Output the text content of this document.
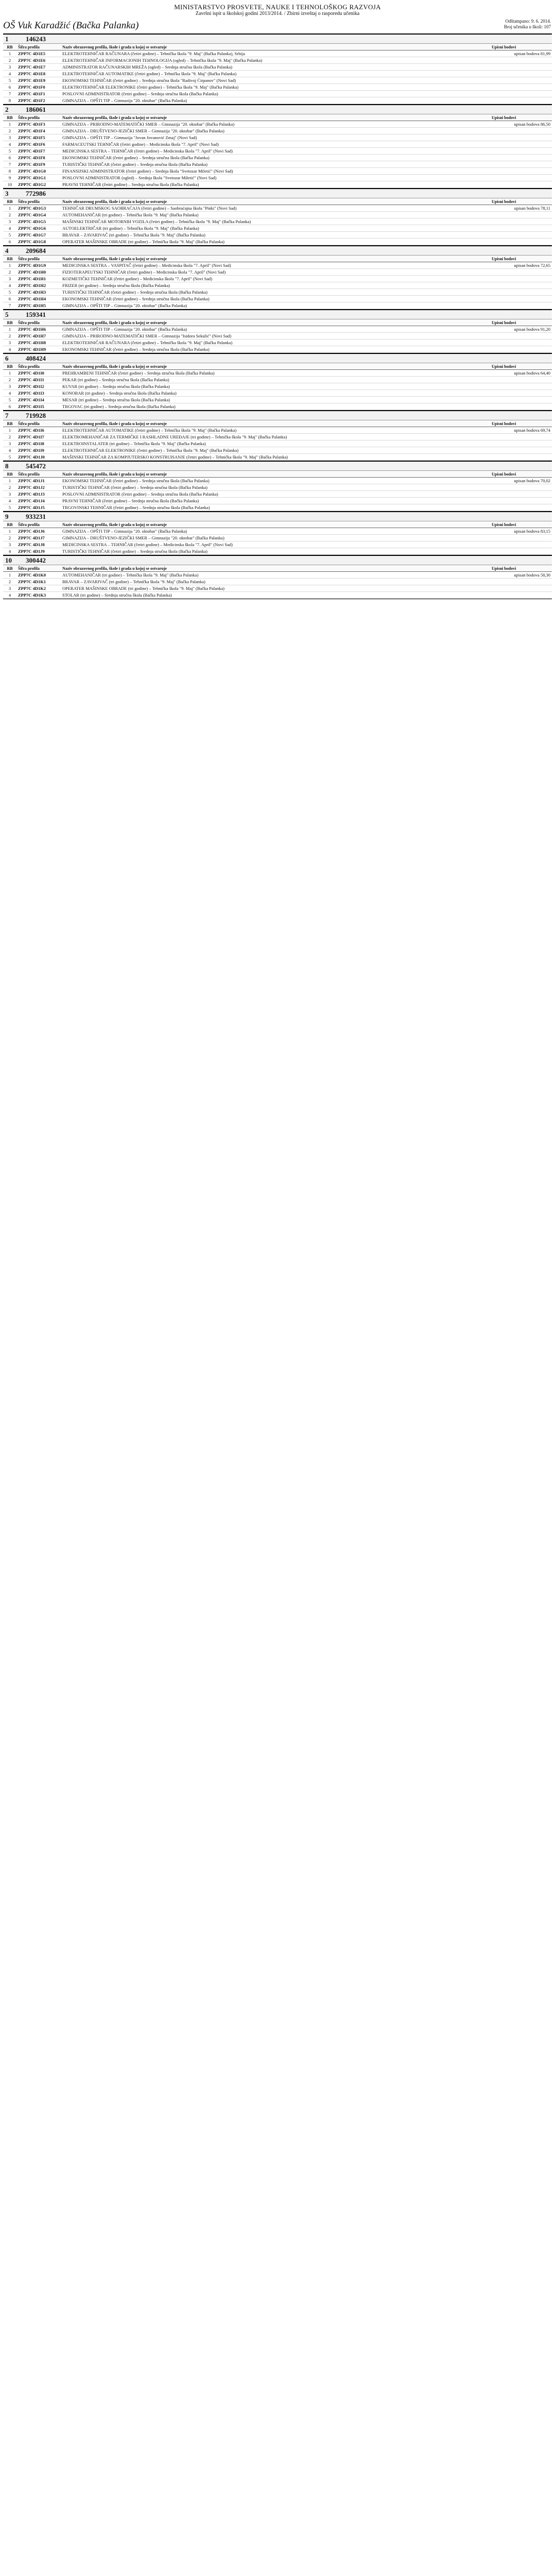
MINISTARSTVO PROSVETE, NAUKE I TEHNOLOŠKOG RAZVOJA
Završni ispit u školskoj godini 2013/2014. / Zbirni izveštaj o rasporedu učenika
OŠ Vuk Karadžić (Bačka Palanka)	Odštampano: 9. 6. 2014.
Broj učenika u školi: 107
1	146243
RB	Šifra profila	Naziv obrazovnog profila, škole i grada u kojoj se ostvaruje	Upisni bodovi
1	ZPP7C 4D1E5	ELEKTROTEHNIČAR RAČUNARA (četiri godine) – Tehnička škola "9. Maj" (Bačka Palanka), Srbija	upisan bodova 81,99
2	ZPP7C 4D1E6	ELEKTROTEHNIČAR INFORMACIONIH TEHNOLOGIJA (ogled) – Tehnička škola "9. Maj" (Bačka Palanka)	
3	ZPP7C 4D1E7	ADMINISTRATOR RAČUNARSKIH MREŽA (ogled) – Srednja stručna škola (Bačka Palanka)	
4	ZPP7C 4D1E8	ELEKTROTEHNIČAR AUTOMATIKE (četiri godine) – Tehnička škola "9. Maj" (Bačka Palanka)	
5	ZPP7C 4D1E9	EKONOMSKI TEHNIČAR (četiri godine) – Srednja stručna škola "Radivoj Ćirpanov" (Novi Sad)	
6	ZPP7C 4D1F0	ELEKTROTEHNIČAR ELEKTRONIKE (četiri godine) – Tehnička škola "9. Maj" (Bačka Palanka)	
7	ZPP7C 4D1F1	POSLOVNI ADMINISTRATOR (četiri godine) – Srednja stručna škola (Bačka Palanka)	
8	ZPP7C 4D1F2	GIMNAZIJA – OPŠTI TIP – Gimnazija "20. oktobar" (Bačka Palanka)	
2	186061
RB	Šifra profila	Naziv obrazovnog profila, škole i grada u kojoj se ostvaruje	Upisni bodovi
1	ZPP7C 4D1F3	GIMNAZIJA – PRIRODNO-MATEMATIČKI SMER – Gimnazija "20. oktobar" (Bačka Palanka)	upisan bodova 86,50
2	ZPP7C 4D1F4	GIMNAZIJA – DRUŠTVENO-JEZIČKI SMER – Gimnazija "20. oktobar" (Bačka Palanka)	
3	ZPP7C 4D1F5	GIMNAZIJA – OPŠTI TIP – Gimnazija "Jovan Jovanović Zmaj" (Novi Sad)	
4	ZPP7C 4D1F6	FARMACEUTSKI TEHNIČAR (četiri godine) – Medicinska škola "7. April" (Novi Sad)	
5	ZPP7C 4D1F7	MEDICINSKA SESTRA – TEHNIČAR (četiri godine) – Medicinska škola "7. April" (Novi Sad)	
6	ZPP7C 4D1F8	EKONOMSKI TEHNIČAR (četiri godine) – Srednja stručna škola (Bačka Palanka)	
7	ZPP7C 4D1F9	TURISTIČKI TEHNIČAR (četiri godine) – Srednja stručna škola (Bačka Palanka)	
8	ZPP7C 4D1G0	FINANSIJSKI ADMINISTRATOR (četiri godine) – Srednja škola "Svetozar Miletić" (Novi Sad)	
9	ZPP7C 4D1G1	POSLOVNI ADMINISTRATOR (ogled) – Srednja škola "Svetozar Miletić" (Novi Sad)	
10	ZPP7C 4D1G2	PRAVNI TEHNIČAR (četiri godine) – Srednja stručna škola (Bačka Palanka)	
3	772986
RB	Šifra profila	Naziv obrazovnog profila, škole i grada u kojoj se ostvaruje	Upisni bodovi
1	ZPP7C 4D1G3	TEHNIČAR DRUMSKOG SAOBRAĆAJA (četiri godine) – Saobraćajna škola "Pinki" (Novi Sad)	upisan bodova 78,11
2	ZPP7C 4D1G4	AUTOMEHANIČAR (tri godine) – Tehnička škola "9. Maj" (Bačka Palanka)	
3	ZPP7C 4D1G5	MAŠINSKI TEHNIČAR MOTORNIH VOZILA (četiri godine) – Tehnička škola "9. Maj" (Bačka Palanka)	
4	ZPP7C 4D1G6	AUTOELEKTRIČAR (tri godine) – Tehnička škola "9. Maj" (Bačka Palanka)	
5	ZPP7C 4D1G7	BRAVAR – ZAVARIVAČ (tri godine) – Tehnička škola "9. Maj" (Bačka Palanka)	
6	ZPP7C 4D1G8	OPERATER MAŠINSKE OBRADE (tri godine) – Tehnička škola "9. Maj" (Bačka Palanka)	
4	209684
RB	Šifra profila	Naziv obrazovnog profila, škole i grada u kojoj se ostvaruje	Upisni bodovi
1	ZPP7C 4D1G9	MEDICINSKA SESTRA – VASPITAČ (četiri godine) – Medicinska škola "7. April" (Novi Sad)	upisan bodova 72,65
2	ZPP7C 4D1H0	FIZIOTERAPEUTSKI TEHNIČAR (četiri godine) – Medicinska škola "7. April" (Novi Sad)	
3	ZPP7C 4D1H1	KOZMETIČKI TEHNIČAR (četiri godine) – Medicinska škola "7. April" (Novi Sad)	
4	ZPP7C 4D1H2	FRIZER (tri godine) – Srednja stručna škola (Bačka Palanka)	
5	ZPP7C 4D1H3	TURISTIČKI TEHNIČAR (četiri godine) – Srednja stručna škola (Bačka Palanka)	
6	ZPP7C 4D1H4	EKONOMSKI TEHNIČAR (četiri godine) – Srednja stručna škola (Bačka Palanka)	
7	ZPP7C 4D1H5	GIMNAZIJA – OPŠTI TIP – Gimnazija "20. oktobar" (Bačka Palanka)	
5	159341
RB	Šifra profila	Naziv obrazovnog profila, škole i grada u kojoj se ostvaruje	Upisni bodovi
1	ZPP7C 4D1H6	GIMNAZIJA – OPŠTI TIP – Gimnazija "20. oktobar" (Bačka Palanka)	upisan bodova 91,20
2	ZPP7C 4D1H7	GIMNAZIJA – PRIRODNO-MATEMATIČKI SMER – Gimnazija "Isidora Sekulić" (Novi Sad)	
3	ZPP7C 4D1H8	ELEKTROTEHNIČAR RAČUNARA (četiri godine) – Tehnička škola "9. Maj" (Bačka Palanka)	
4	ZPP7C 4D1H9	EKONOMSKI TEHNIČAR (četiri godine) – Srednja stručna škola (Bačka Palanka)	
6	408424
RB	Šifra profila	Naziv obrazovnog profila, škole i grada u kojoj se ostvaruje	Upisni bodovi
1	ZPP7C 4D1I0	PREHRAMBENI TEHNIČAR (četiri godine) – Srednja stručna škola (Bačka Palanka)	upisan bodova 64,40
2	ZPP7C 4D1I1	PEKAR (tri godine) – Srednja stručna škola (Bačka Palanka)	
3	ZPP7C 4D1I2	KUVAR (tri godine) – Srednja stručna škola (Bačka Palanka)	
4	ZPP7C 4D1I3	KONOBAR (tri godine) – Srednja stručna škola (Bačka Palanka)	
5	ZPP7C 4D1I4	MESAR (tri godine) – Srednja stručna škola (Bačka Palanka)	
6	ZPP7C 4D1I5	TRGOVAC (tri godine) – Srednja stručna škola (Bačka Palanka)	
7	719928
RB	Šifra profila	Naziv obrazovnog profila, škole i grada u kojoj se ostvaruje	Upisni bodovi
1	ZPP7C 4D1I6	ELEKTROTEHNIČAR AUTOMATIKE (četiri godine) – Tehnička škola "9. Maj" (Bačka Palanka)	upisan bodova 69,74
2	ZPP7C 4D1I7	ELEKTROMEHANIČAR ZA TERMIČKE I RASHLADNE UREĐAJE (tri godine) – Tehnička škola "9. Maj" (Bačka Palanka)	
3	ZPP7C 4D1I8	ELEKTROINSTALATER (tri godine) – Tehnička škola "9. Maj" (Bačka Palanka)	
4	ZPP7C 4D1I9	ELEKTROTEHNIČAR ELEKTRONIKE (četiri godine) – Tehnička škola "9. Maj" (Bačka Palanka)	
5	ZPP7C 4D1J0	MAŠINSKI TEHNIČAR ZA KOMPJUTERSKO KONSTRUISANJE (četiri godine) – Tehnička škola "9. Maj" (Bačka Palanka)	
8	545472
RB	Šifra profila	Naziv obrazovnog profila, škole i grada u kojoj se ostvaruje	Upisni bodovi
1	ZPP7C 4D1J1	EKONOMSKI TEHNIČAR (četiri godine) – Srednja stručna škola (Bačka Palanka)	upisan bodova 70,02
2	ZPP7C 4D1J2	TURISTIČKI TEHNIČAR (četiri godine) – Srednja stručna škola (Bačka Palanka)	
3	ZPP7C 4D1J3	POSLOVNI ADMINISTRATOR (četiri godine) – Srednja stručna škola (Bačka Palanka)	
4	ZPP7C 4D1J4	PRAVNI TEHNIČAR (četiri godine) – Srednja stručna škola (Bačka Palanka)	
5	ZPP7C 4D1J5	TRGOVINSKI TEHNIČAR (četiri godine) – Srednja stručna škola (Bačka Palanka)	
9	933231
RB	Šifra profila	Naziv obrazovnog profila, škole i grada u kojoj se ostvaruje	Upisni bodovi
1	ZPP7C 4D1J6	GIMNAZIJA – OPŠTI TIP – Gimnazija "20. oktobar" (Bačka Palanka)	upisan bodova 83,15
2	ZPP7C 4D1J7	GIMNAZIJA – DRUŠTVENO-JEZIČKI SMER – Gimnazija "20. oktobar" (Bačka Palanka)	
3	ZPP7C 4D1J8	MEDICINSKA SESTRA – TEHNIČAR (četiri godine) – Medicinska škola "7. April" (Novi Sad)	
4	ZPP7C 4D1J9	TURISTIČKI TEHNIČAR (četiri godine) – Srednja stručna škola (Bačka Palanka)	
10 300442
RB	Šifra profila	Naziv obrazovnog profila, škole i grada u kojoj se ostvaruje	Upisni bodovi
1	ZPP7C 4D1K0	AUTOMEHANIČAR (tri godine) – Tehnička škola "9. Maj" (Bačka Palanka)	upisan bodova 58,30
2	ZPP7C 4D1K1	BRAVAR – ZAVARIVAČ (tri godine) – Tehnička škola "9. Maj" (Bačka Palanka)	
3	ZPP7C 4D1K2	OPERATER MAŠINSKE OBRADE (tri godine) – Tehnička škola "9. Maj" (Bačka Palanka)	
4	ZPP7C 4D1K3	STOLAR (tri godine) – Srednja stručna škola (Bačka Palanka)	
